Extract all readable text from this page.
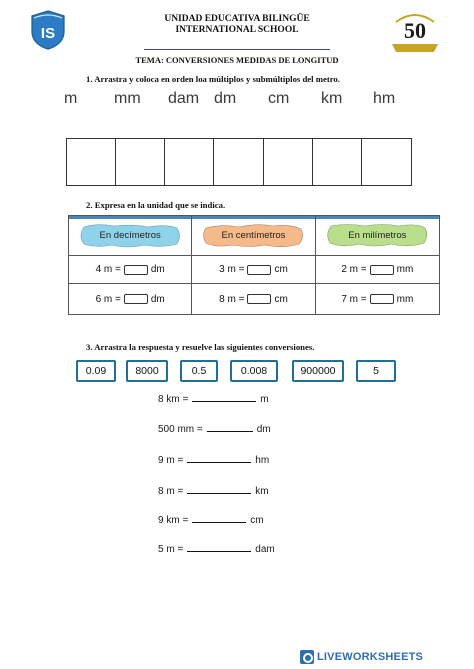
IS
UNIDAD EDUCATIVA BILINGÜE
INTERNATIONAL SCHOOL
TEMA: CONVERSIONES MEDIDAS DE LONGITUD
50
1. Arrastra y coloca en orden loa múltiplos y submúltiplos del metro.
m mm dam dm cm km hm
2. Expresa en la unidad que se indica.
En decímetros	En centímetros	En milímetros
4 m =	dm	3 m =	cm	2 m =	mm
6 m =	dm	8 m =	cm	7 m =	mm
3. Arrastra la respuesta y resuelve las siguientes conversiones.
0.09	8000	0.5	0.008	900000	5
8 km =	m
500 mm =	dm
9 m =	hm
8 m =	km
9 km =	cm
5 m =	dam
LIVEWORKSHEETS
